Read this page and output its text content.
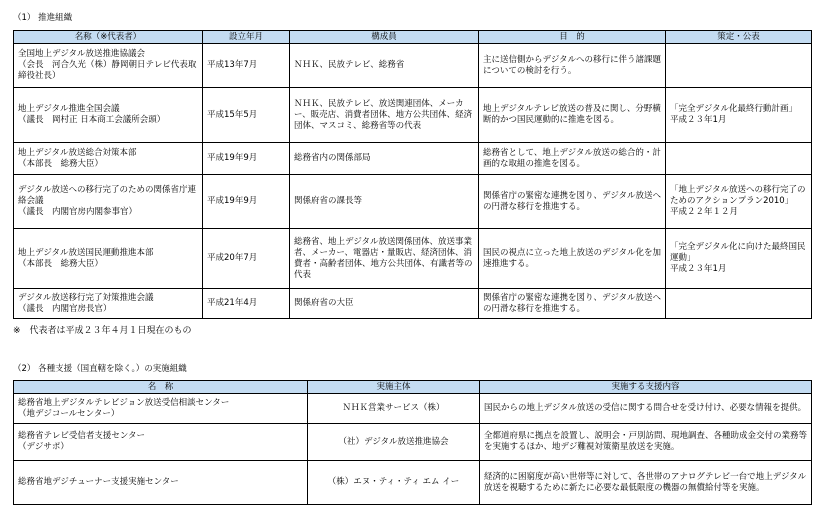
（1） 推進組織
名称（※代表者）	設立年月	構成員	目　的	策定・公表
全国地上デジタル放送推進協議会
（会長　河合久光（株）静岡朝日テレビ代表取締役社長）	平成13年7月	ＮＨＫ、民放テレビ、総務省	主に送信側からデジタルへの移行に伴う諸課題についての検討を行う。	
地上デジタル推進全国会議
（議長　岡村正 日本商工会議所会頭）	平成15年5月	ＮＨＫ、民放テレビ、放送関連団体、メーカー、販売店、消費者団体、地方公共団体、経済団体、マスコミ、総務省等の代表	地上デジタルテレビ放送の普及に関し、分野横断的かつ国民運動的に推進を図る。	「完全デジタル化最終行動計画」
平成２３年1月
地上デジタル放送総合対策本部
（本部長　総務大臣）	平成19年9月	総務省内の関係部局	総務省として、地上デジタル放送の総合的・計画的な取組の推進を図る。	
デジタル放送への移行完了のための関係省庁連絡会議
（議長　内閣官房内閣参事官）	平成19年9月	関係府省の課長等	関係省庁の緊密な連携を図り、デジタル放送への円滑な移行を推進する。	「地上デジタル放送への移行完了のためのアクションプラン2010」
平成２２年１２月
地上デジタル放送国民運動推進本部
（本部長　総務大臣）	平成20年7月	総務省、地上デジタル放送関係団体、放送事業者、メーカー、電器店・量販店、経済団体、消費者・高齢者団体、地方公共団体、有識者等の代表	国民の視点に立った地上放送のデジタル化を加速推進する。	「完全デジタル化に向けた最終国民運動」
平成２３年1月
デジタル放送移行完了対策推進会議
（議長　内閣官房長官）	平成21年4月	関係府省の大臣	関係省庁の緊密な連携を図り、デジタル放送への円滑な移行を推進する。	
※　代表者は平成２３年４月１日現在のもの
（2） 各種支援（国直轄を除く。）の実施組織
名　称	実施主体	実施する支援内容
総務省地上デジタルテレビジョン放送受信相談センター
（地デジコールセンター）	ＮＨＫ営業サービス（株）	国民からの地上デジタル放送の受信に関する問合せを受け付け、必要な情報を提供。
総務省テレビ受信者支援センター
（デジサポ）	（社）デジタル放送推進協会	全都道府県に拠点を設置し、説明会・戸別訪問、現地調査、各種助成金交付の業務等を実施するほか、地デジ難視対策衛星放送を実施。
総務省地デジチューナー支援実施センター	（株）エヌ・ティ・ティ エム イー	経済的に困窮度が高い世帯等に対して、各世帯のアナログテレビ一台で地上デジタル放送を視聴するために新たに必要な最低限度の機器の無償給付等を実施。
